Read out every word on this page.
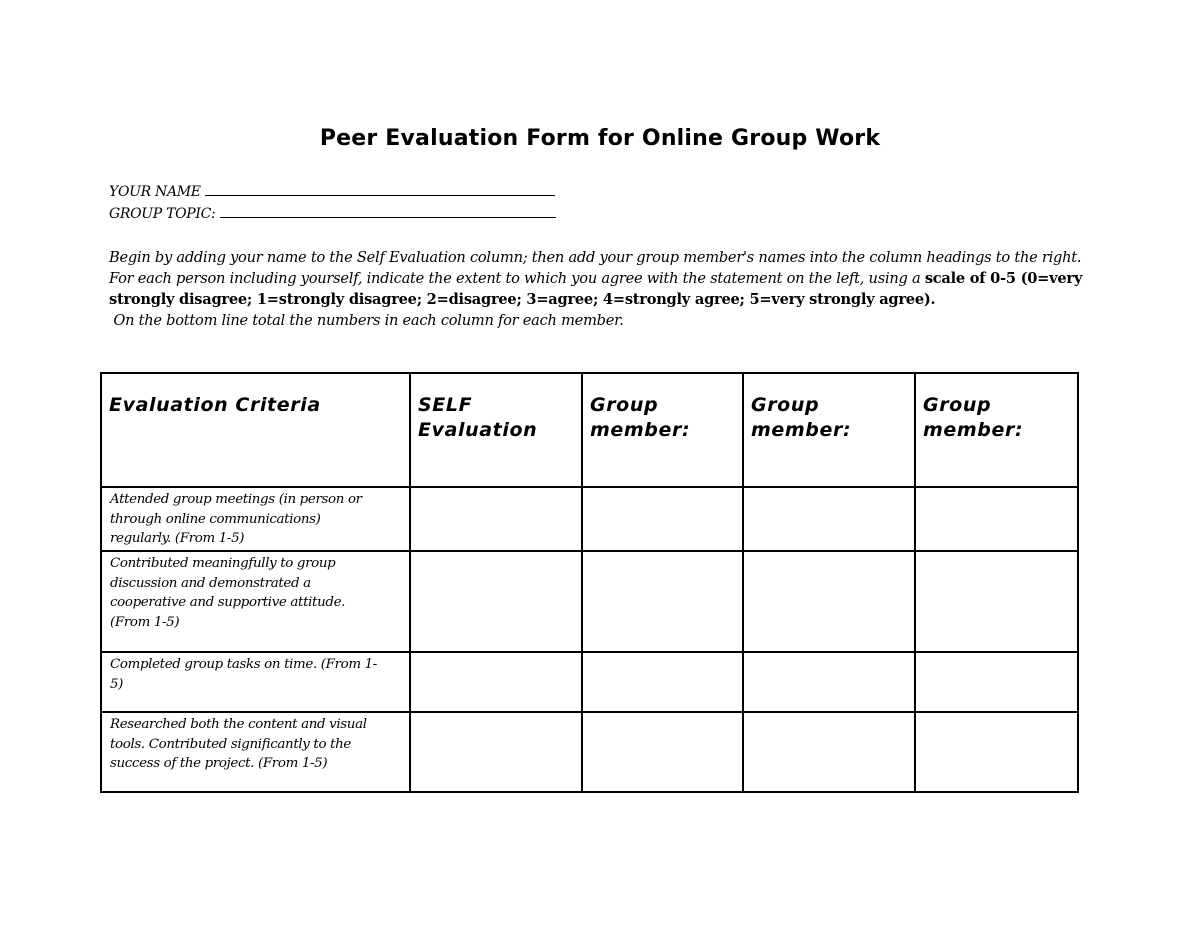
Peer Evaluation Form for Online Group Work
YOUR NAME
GROUP TOPIC:

Begin by adding your name to the Self Evaluation column; then add your group member's names into the column headings to the right.

For each person including yourself, indicate the extent to which you agree with the statement on the left, using a scale of 0-5 (0=very strongly disagree; 1=strongly disagree; 2=disagree; 3=agree; 4=strongly agree; 5=very strongly agree).

On the bottom line total the numbers in each column for each member.

Evaluation Criteria	SELF Evaluation	Group member:	Group member:	Group member:
Attended group meetings (in person or through online communications) regularly. (From 1-5)				
Contributed meaningfully to group discussion and demonstrated a cooperative and supportive attitude. (From 1-5)				
Completed group tasks on time. (From 1-5)				
Researched both the content and visual tools. Contributed significantly to the success of the project. (From 1-5)				
